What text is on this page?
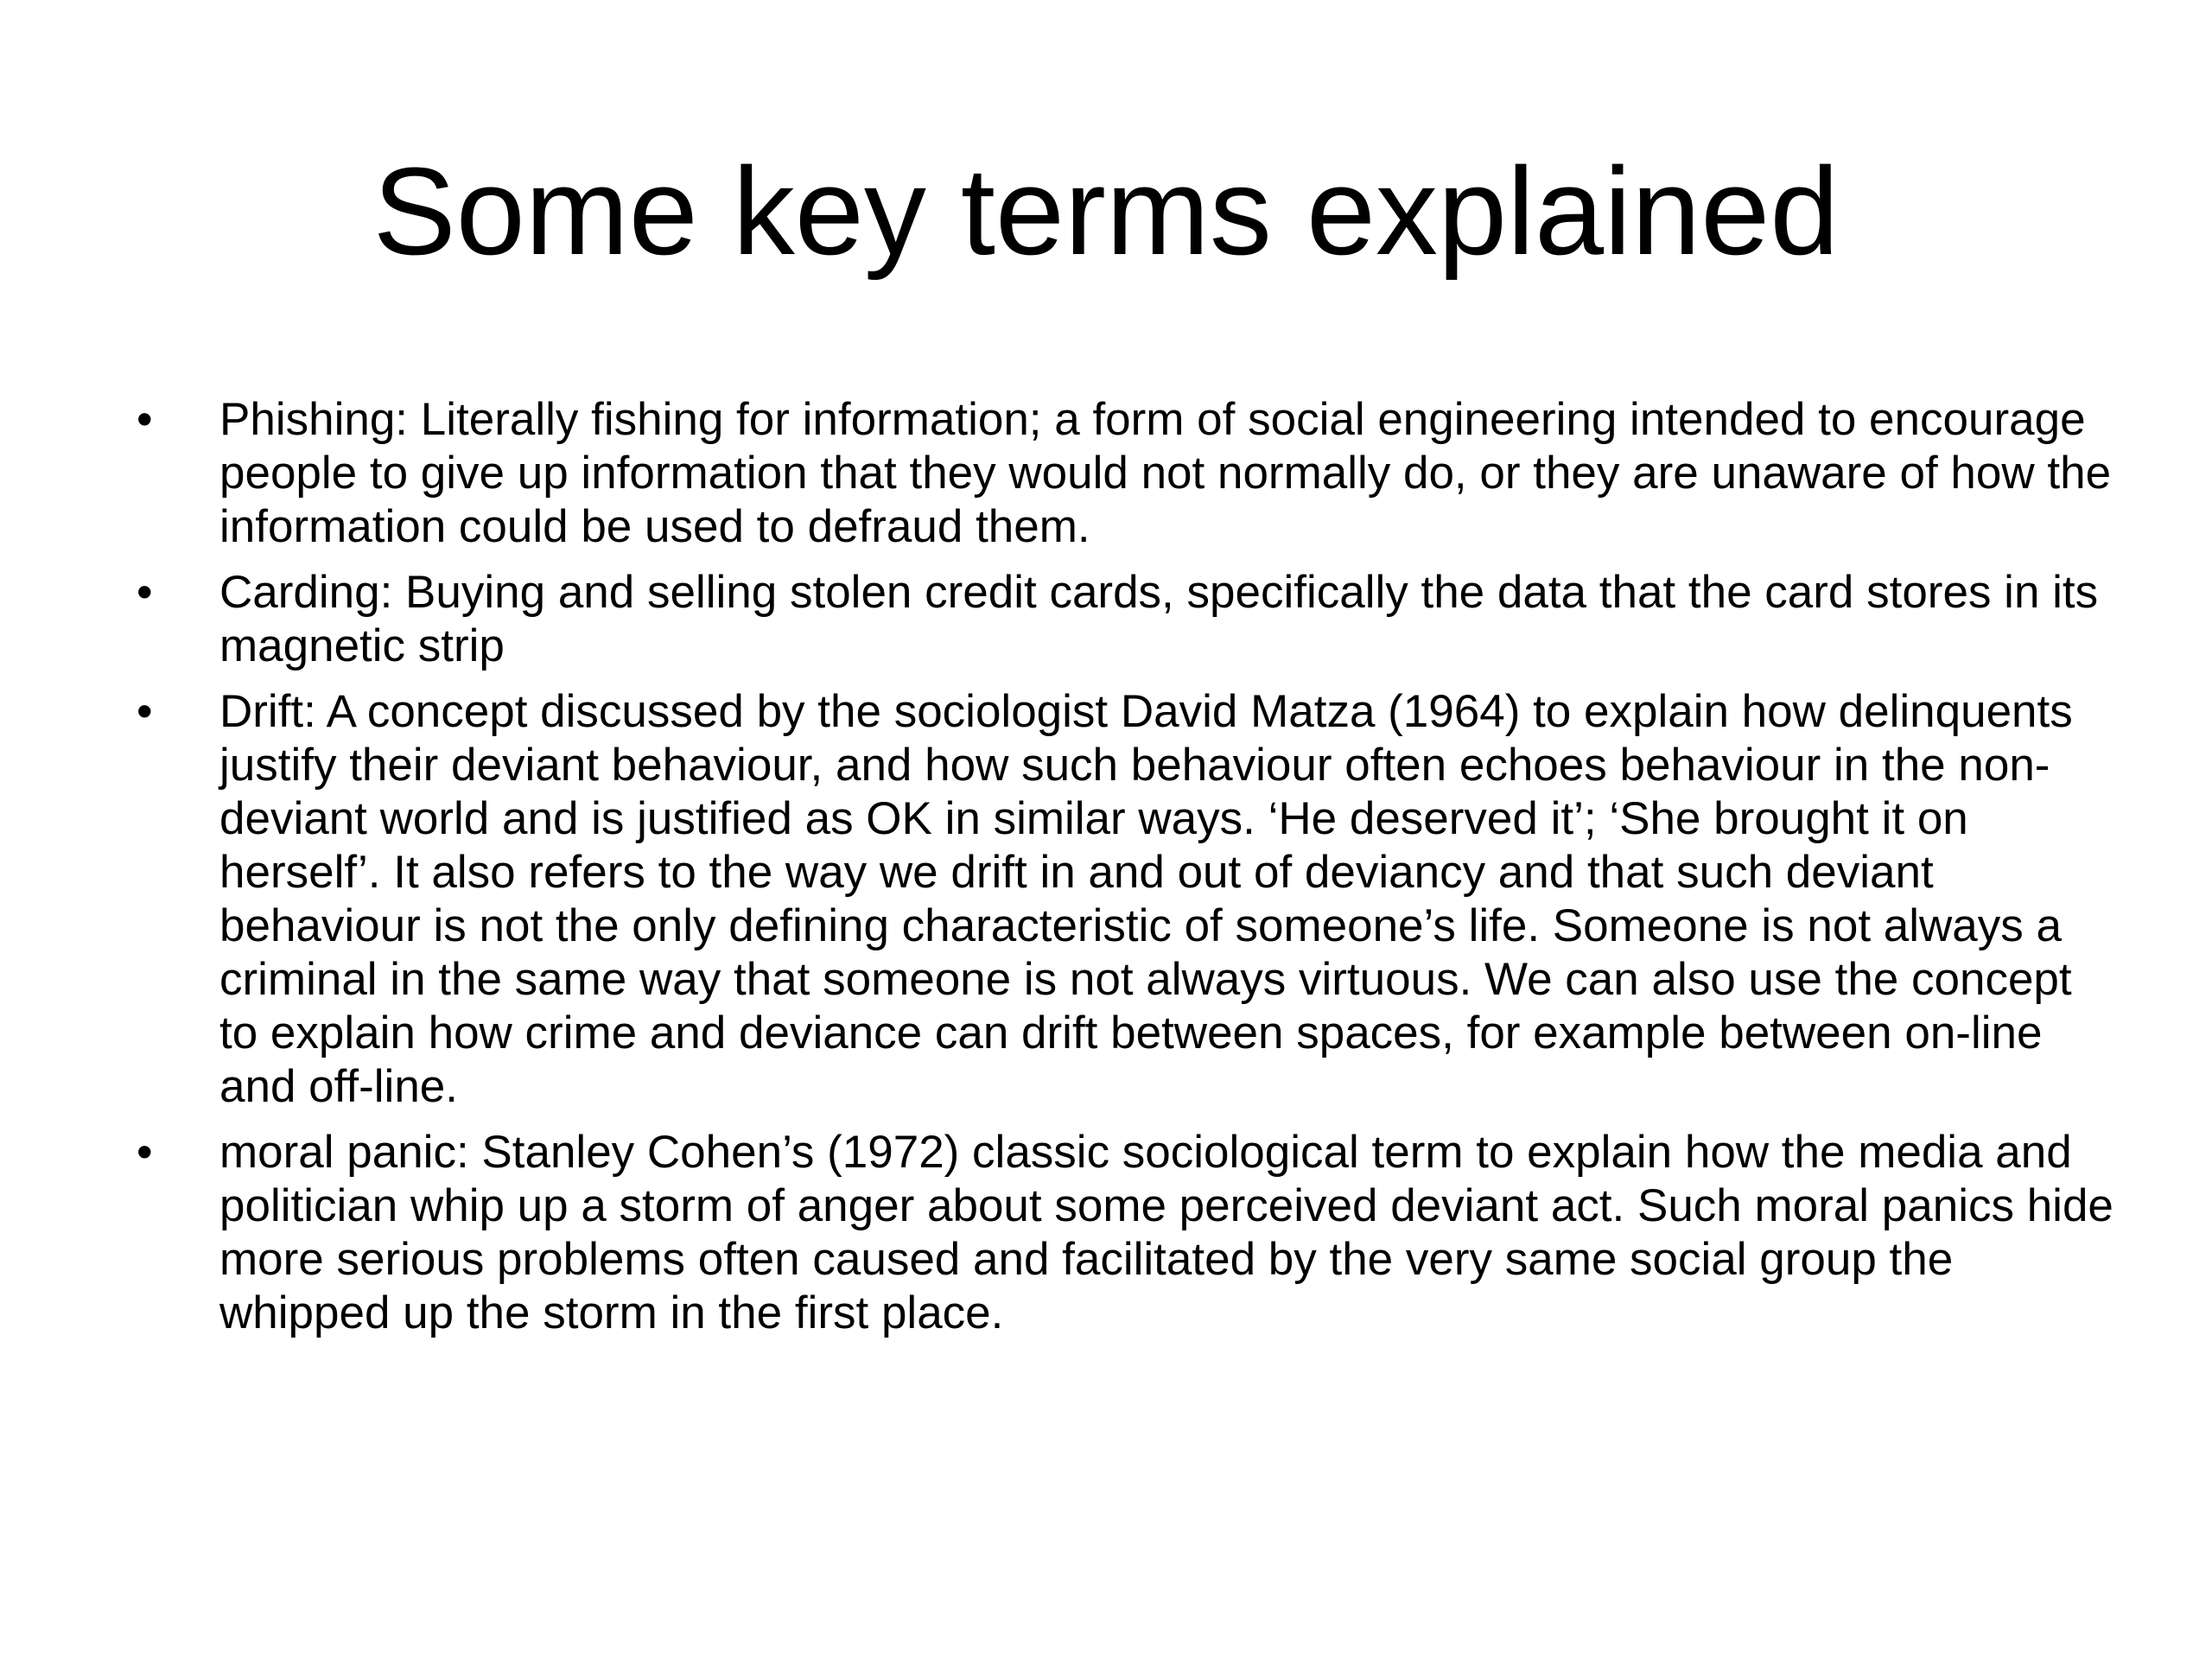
Some key terms explained
• Phishing: Literally fishing for information; a form of social engineering intended to encourage people to give up information that they would not normally do, or they are unaware of how the information could be used to defraud them.
• Carding: Buying and selling stolen credit cards, specifically the data that the card stores in its magnetic strip
• Drift: A concept discussed by the sociologist David Matza (1964) to explain how delinquents justify their deviant behaviour, and how such behaviour often echoes behaviour in the non-deviant world and is justified as OK in similar ways. ‘He deserved it’; ‘She brought it on herself’. It also refers to the way we drift in and out of deviancy and that such deviant behaviour is not the only defining characteristic of someone’s life. Someone is not always a criminal in the same way that someone is not always virtuous. We can also use the concept to explain how crime and deviance can drift between spaces, for example between on-line and off-line.
• moral panic: Stanley Cohen’s (1972) classic sociological term to explain how the media and politician whip up a storm of anger about some perceived deviant act. Such moral panics hide more serious problems often caused and facilitated by the very same social group the whipped up the storm in the first place.
